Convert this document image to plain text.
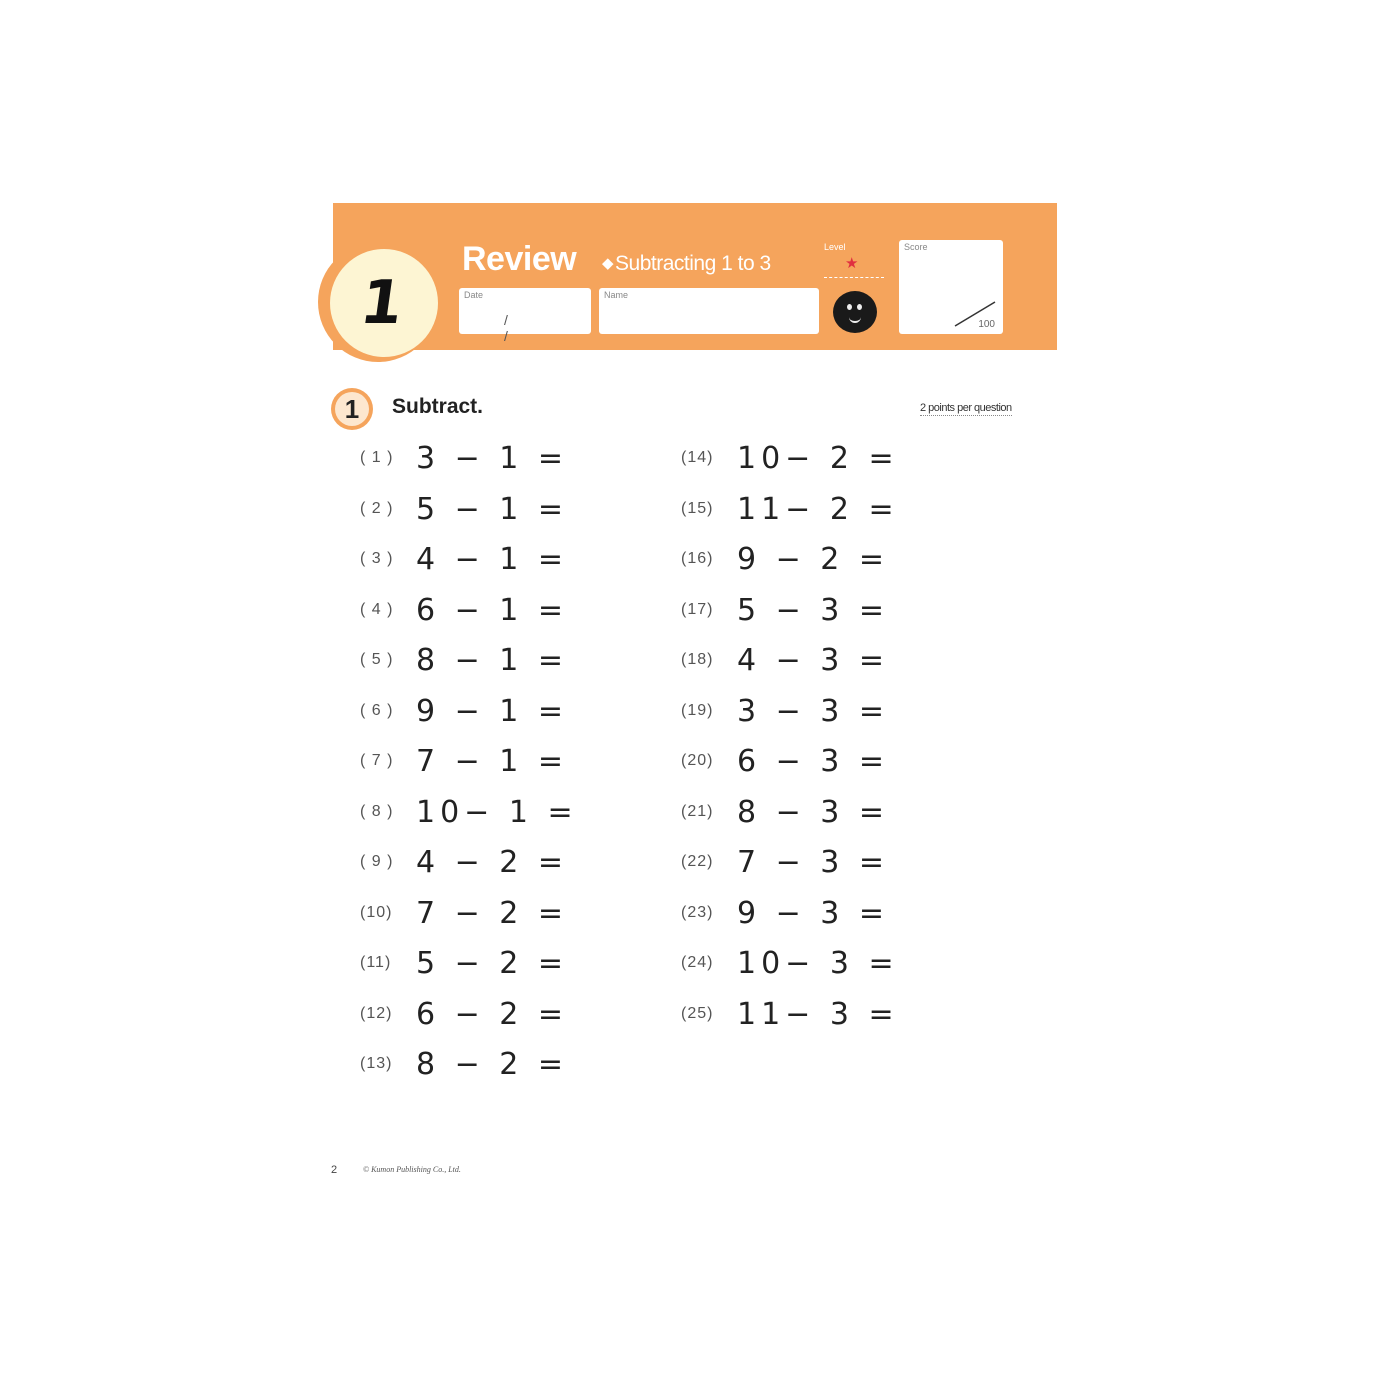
1
Review ◆Subtracting 1 to 3
Date
/ /
Name
Level
★
Score
100
1	Subtract.	2 points per question
( 1 ) 3 − 1 =
( 2 ) 5 − 1 =
( 3 ) 4 − 1 =
( 4 ) 6 − 1 =
( 5 ) 8 − 1 =
( 6 ) 9 − 1 =
( 7 ) 7 − 1 =
( 8 ) 10− 1 =
( 9 ) 4 − 2 =
(10) 7 − 2 =
(11) 5 − 2 =
(12) 6 − 2 =
(13) 8 − 2 =
(14) 10− 2 =
(15) 11− 2 =
(16) 9 − 2 =
(17) 5 − 3 =
(18) 4 − 3 =
(19) 3 − 3 =
(20) 6 − 3 =
(21) 8 − 3 =
(22) 7 − 3 =
(23) 9 − 3 =
(24) 10− 3 =
(25) 11− 3 =
2	© Kumon Publishing Co., Ltd.
